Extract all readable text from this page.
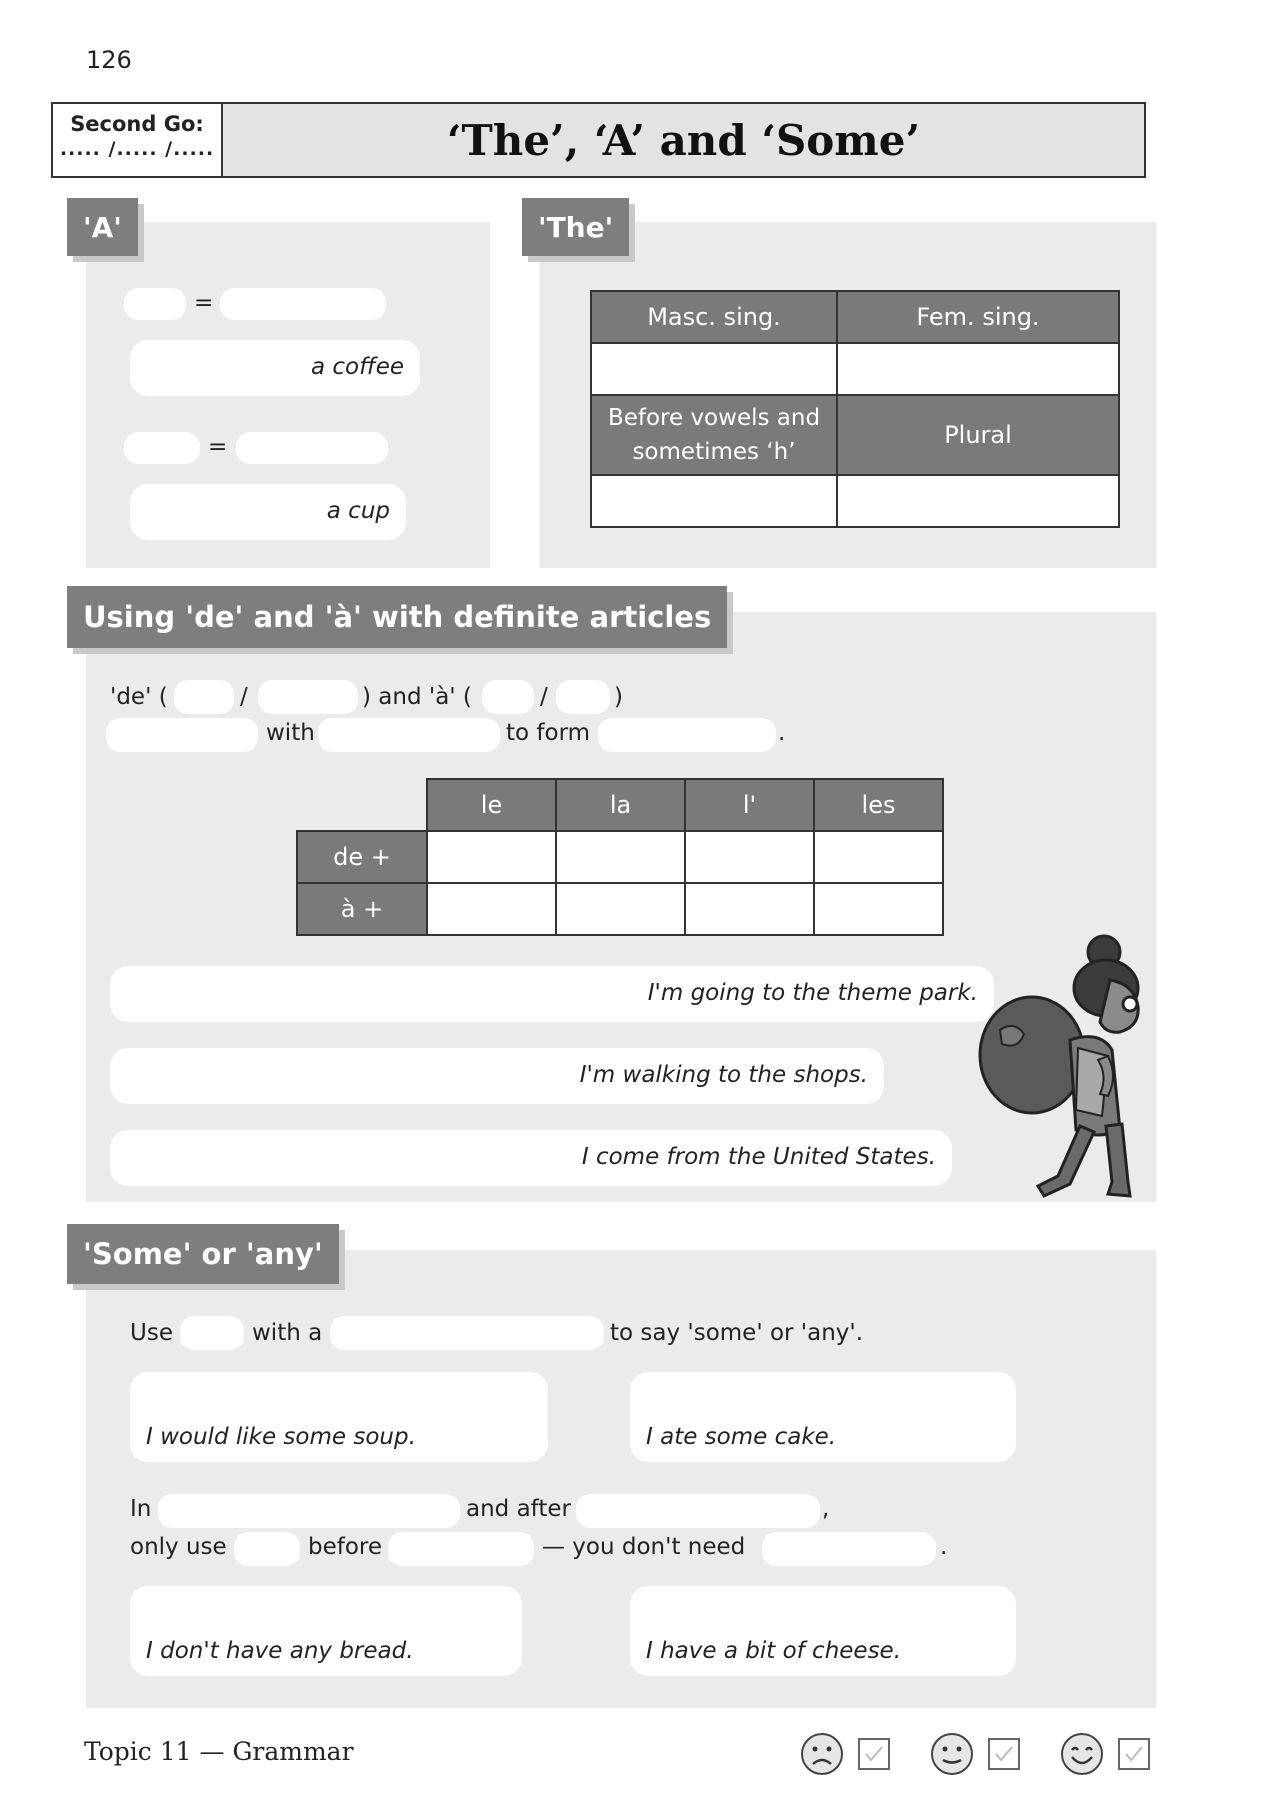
126
Second Go:
..... /..... /.....	‘The’, ‘A’ and ‘Some’
'A'
=
a coffee
=
a cup
'The'
Masc. sing.	Fem. sing.

Before vowels and sometimes ‘h’	Plural

Using 'de' and 'à' with definite articles
'de' (	/	) and 'à' (	/	)
with	to form	.
	le	la	l'	les
de +				
à +				
I'm going to the theme park.
I'm walking to the shops.
I come from the United States.
'Some' or 'any'
Use	with a	to say 'some' or 'any'.
I would like some soup.	I ate some cake.
In	and after	,
only use	before	— you don't need	.
I don't have any bread.	I have a bit of cheese.
Topic 11 — Grammar
